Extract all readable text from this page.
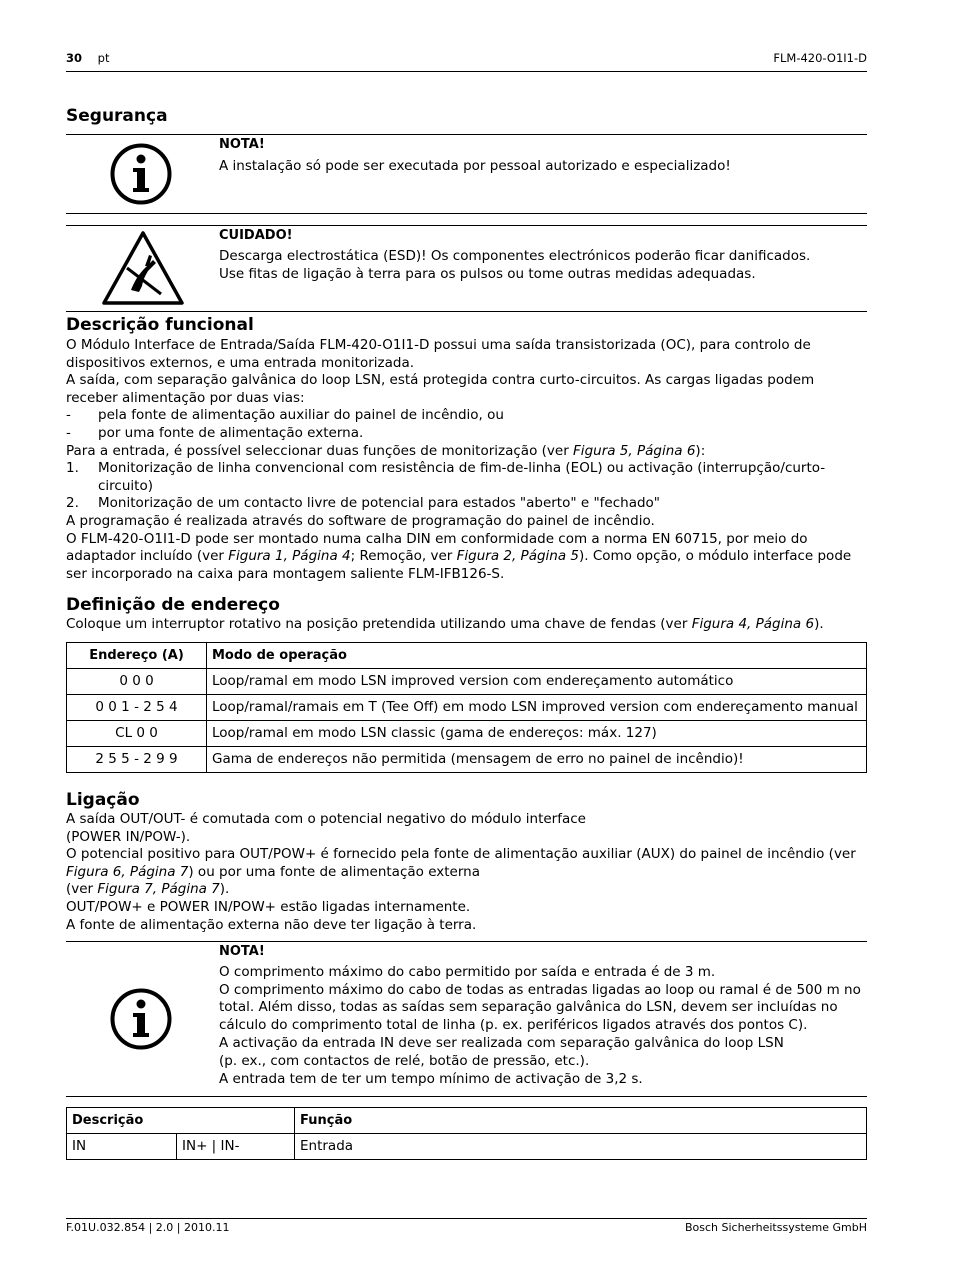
30 pt	FLM-420-O1I1-D
Segurança
NOTA!
A instalação só pode ser executada por pessoal autorizado e especializado!
CUIDADO!
Descarga electrostática (ESD)! Os componentes electrónicos poderão ficar danificados.
Use fitas de ligação à terra para os pulsos ou tome outras medidas adequadas.
Descrição funcional

O Módulo Interface de Entrada/Saída FLM-420-O1I1-D possui uma saída transistorizada (OC), para controlo de dispositivos externos, e uma entrada monitorizada.

A saída, com separação galvânica do loop LSN, está protegida contra curto-circuitos. As cargas ligadas podem receber alimentação por duas vias:

- pela fonte de alimentação auxiliar do painel de incêndio, ou
- por uma fonte de alimentação externa.

Para a entrada, é possível seleccionar duas funções de monitorização (ver Figura 5, Página 6):

1. Monitorização de linha convencional com resistência de fim-de-linha (EOL) ou activação (interrupção/curto-circuito)
2. Monitorização de um contacto livre de potencial para estados "aberto" e "fechado"

A programação é realizada através do software de programação do painel de incêndio.

O FLM-420-O1I1-D pode ser montado numa calha DIN em conformidade com a norma EN 60715, por meio do adaptador incluído (ver Figura 1, Página 4; Remoção, ver Figura 2, Página 5). Como opção, o módulo interface pode ser incorporado na caixa para montagem saliente FLM-IFB126-S.

Definição de endereço

Coloque um interruptor rotativo na posição pretendida utilizando uma chave de fendas (ver Figura 4, Página 6).

Endereço (A)	Modo de operação
0 0 0	Loop/ramal em modo LSN improved version com endereçamento automático
0 0 1 - 2 5 4	Loop/ramal/ramais em T (Tee Off) em modo LSN improved version com endereçamento manual
CL 0 0	Loop/ramal em modo LSN classic (gama de endereços: máx. 127)
2 5 5 - 2 9 9	Gama de endereços não permitida (mensagem de erro no painel de incêndio)!
Ligação

A saída OUT/OUT- é comutada com o potencial negativo do módulo interface

(POWER IN/POW-).

O potencial positivo para OUT/POW+ é fornecido pela fonte de alimentação auxiliar (AUX) do painel de incêndio (ver Figura 6, Página 7) ou por uma fonte de alimentação externa

(ver Figura 7, Página 7).

OUT/POW+ e POWER IN/POW+ estão ligadas internamente.

A fonte de alimentação externa não deve ter ligação à terra.

NOTA!
O comprimento máximo do cabo permitido por saída e entrada é de 3 m.
O comprimento máximo do cabo de todas as entradas ligadas ao loop ou ramal é de 500 m no total. Além disso, todas as saídas sem separação galvânica do LSN, devem ser incluídas no cálculo do comprimento total de linha (p. ex. periféricos ligados através dos pontos C).
A activação da entrada IN deve ser realizada com separação galvânica do loop LSN
(p. ex., com contactos de relé, botão de pressão, etc.).
A entrada tem de ter um tempo mínimo de activação de 3,2 s.
Descrição		Função
IN	IN+ | IN-	Entrada
F.01U.032.854 | 2.0 | 2010.11	Bosch Sicherheitssysteme GmbH
